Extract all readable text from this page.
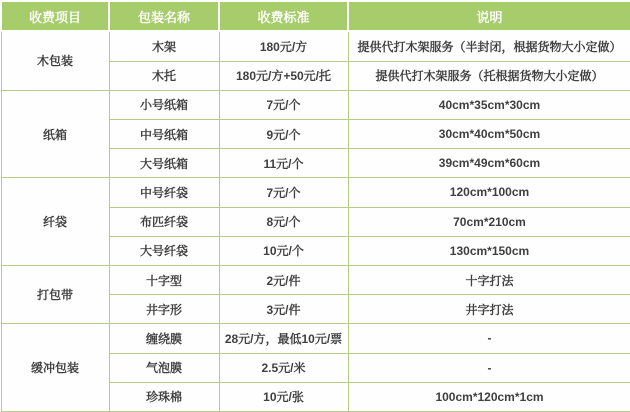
收费项目	包装名称	收费标准	说明
木包装	木架	180元/方	提供代打木架服务（半封闭，根据货物大小定做）
	木托	180元/方+50元/托	提供代打木架服务（托根据货物大小定做）
纸箱	小号纸箱	7元/个	40cm*35cm*30cm
	中号纸箱	9元/个	30cm*40cm*50cm
	大号纸箱	11元/个	39cm*49cm*60cm
纤袋	中号纤袋	7元/个	120cm*100cm
	布匹纤袋	8元/个	70cm*210cm
	大号纤袋	10元/个	130cm*150cm
打包带	十字型	2元/件	十字打法
	井字形	3元/件	井字打法
缓冲包装	缠绕膜	28元/方，最低10元/票	-
	气泡膜	2.5元/米	-
	珍珠棉	10元/张	100cm*120cm*1cm
